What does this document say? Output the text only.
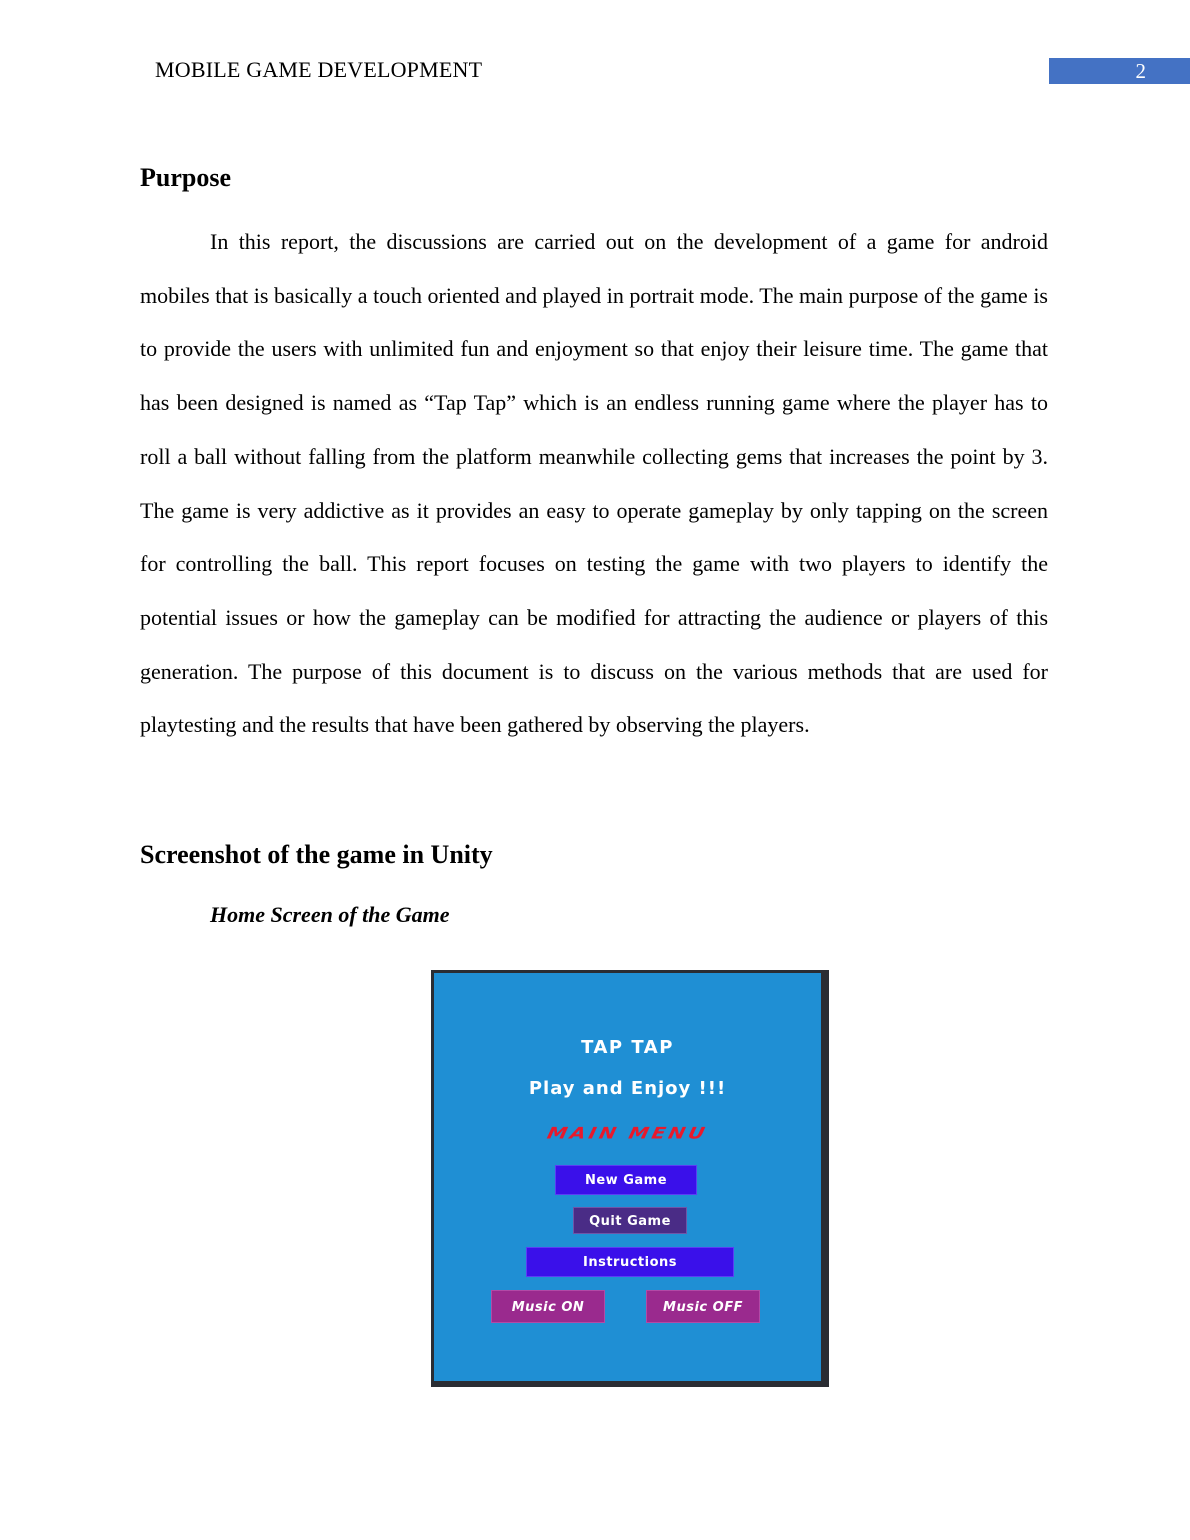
MOBILE GAME DEVELOPMENT	2
Purpose

In this report, the discussions are carried out on the development of a game for android mobiles that is basically a touch oriented and played in portrait mode. The main purpose of the game is to provide the users with unlimited fun and enjoyment so that enjoy their leisure time. The game that has been designed is named as “Tap Tap” which is an endless running game where the player has to roll a ball without falling from the platform meanwhile collecting gems that increases the point by 3. The game is very addictive as it provides an easy to operate gameplay by only tapping on the screen for controlling the ball. This report focuses on testing the game with two players to identify the potential issues or how the gameplay can be modified for attracting the audience or players of this generation. The purpose of this document is to discuss on the various methods that are used for playtesting and the results that have been gathered by observing the players.

Screenshot of the game in Unity

Home Screen of the Game

TAP TAP
Play and Enjoy !!!
MAIN MENU
New Game
Quit Game
Instructions
Music ON	Music OFF
